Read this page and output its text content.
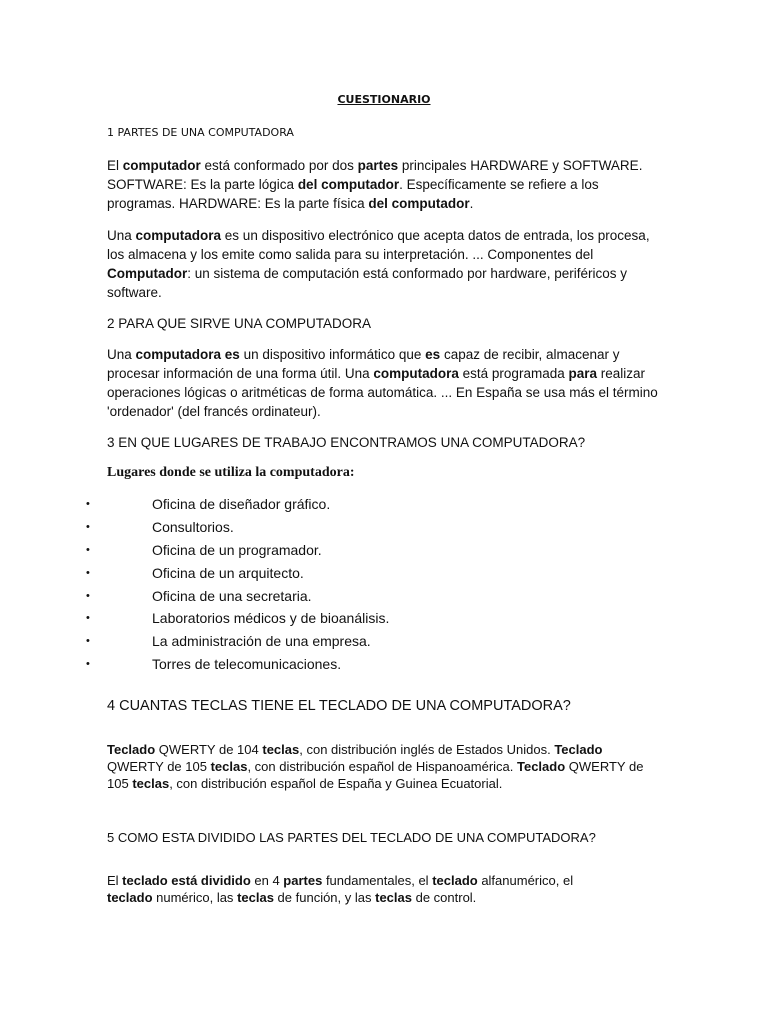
CUESTIONARIO
1 PARTES DE UNA COMPUTADORA

El computador está conformado por dos partes principales HARDWARE y SOFTWARE. SOFTWARE: Es la parte lógica del computador. Específicamente se refiere a los programas. HARDWARE: Es la parte física del computador.

Una computadora es un dispositivo electrónico que acepta datos de entrada, los procesa, los almacena y los emite como salida para su interpretación. ... Componentes del Computador: un sistema de computación está conformado por hardware, periféricos y software.

2 PARA QUE SIRVE UNA COMPUTADORA

Una computadora es un dispositivo informático que es capaz de recibir, almacenar y procesar información de una forma útil. Una computadora está programada para realizar operaciones lógicas o aritméticas de forma automática. ... En España se usa más el término 'ordenador' (del francés ordinateur).

3 EN QUE LUGARES DE TRABAJO ENCONTRAMOS UNA COMPUTADORA?
Lugares donde se utiliza la computadora:
•	Oficina de diseñador gráfico.
•	Consultorios.
•	Oficina de un programador.
•	Oficina de un arquitecto.
•	Oficina de una secretaria.
•	Laboratorios médicos y de bioanálisis.
•	La administración de una empresa.
•	Torres de telecomunicaciones.
4 CUANTAS TECLAS TIENE EL TECLADO DE UNA COMPUTADORA?

Teclado QWERTY de 104 teclas, con distribución inglés de Estados Unidos. Teclado QWERTY de 105 teclas, con distribución español de Hispanoamérica. Teclado QWERTY de 105 teclas, con distribución español de España y Guinea Ecuatorial.

5 COMO ESTA DIVIDIDO LAS PARTES DEL TECLADO DE UNA COMPUTADORA?

El teclado está dividido en 4 partes fundamentales, el teclado alfanumérico, el teclado numérico, las teclas de función, y las teclas de control.
